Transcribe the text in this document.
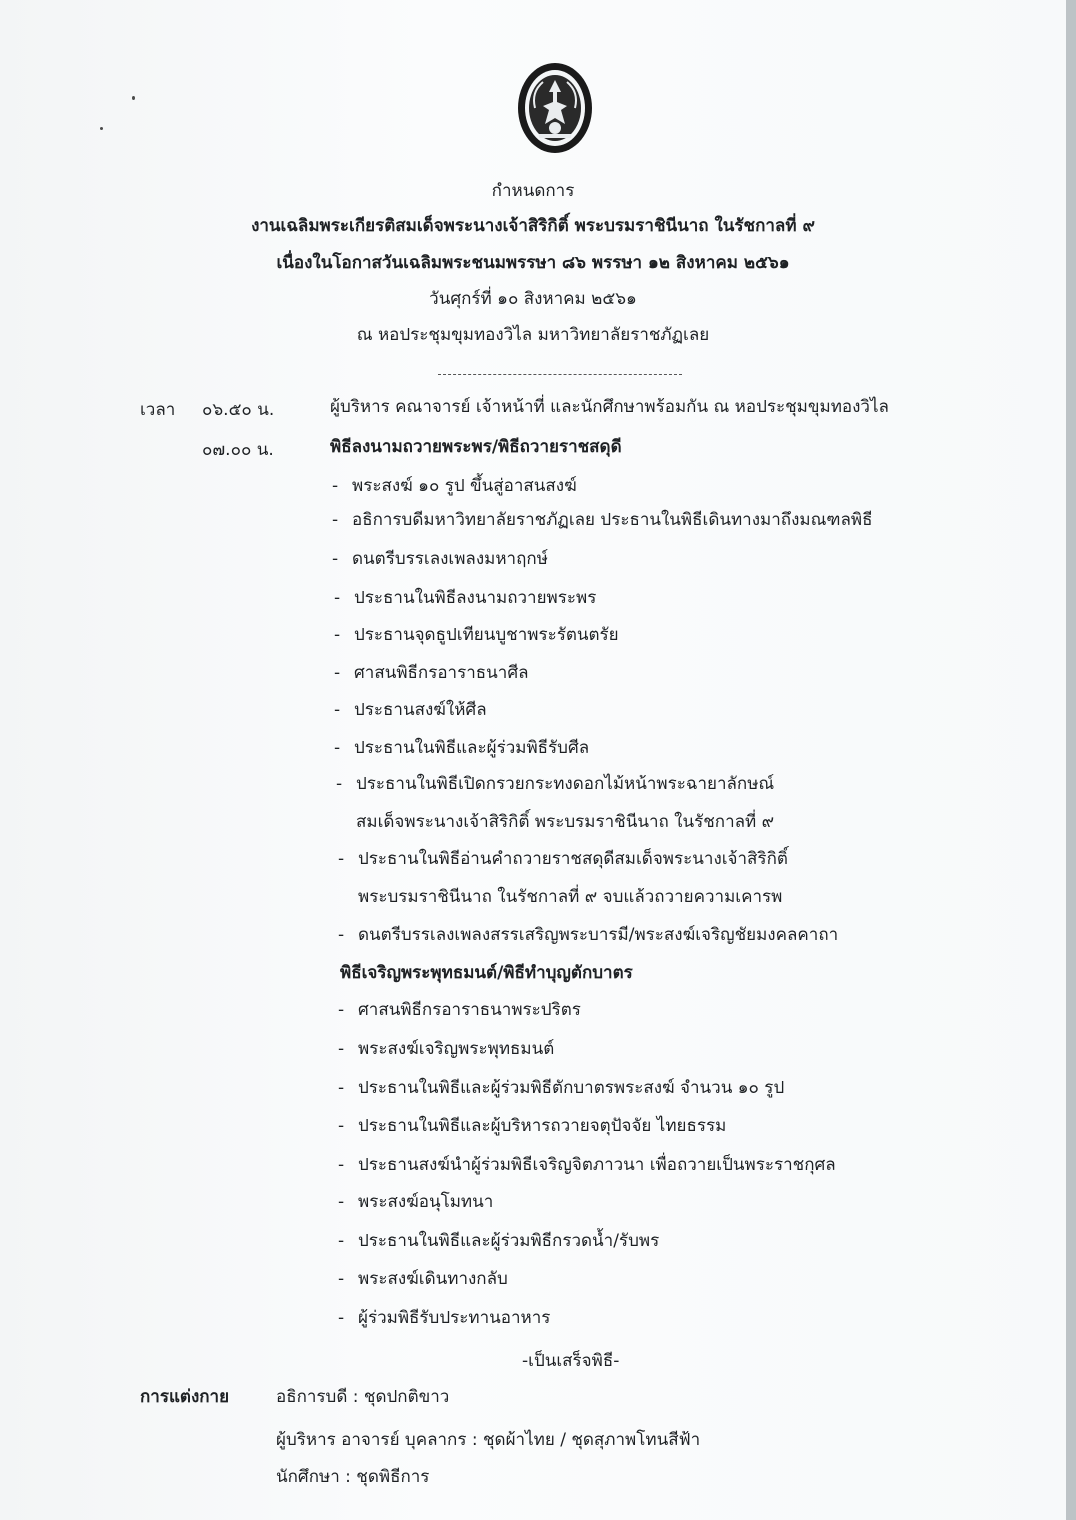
กำหนดการ
งานเฉลิมพระเกียรติสมเด็จพระนางเจ้าสิริกิติ์ พระบรมราชินีนาถ ในรัชกาลที่ ๙
เนื่องในโอกาสวันเฉลิมพระชนมพรรษา ๘๖ พรรษา ๑๒ สิงหาคม ๒๕๖๑
วันศุกร์ที่ ๑๐ สิงหาคม ๒๕๖๑
ณ หอประชุมขุมทองวิไล มหาวิทยาลัยราชภัฏเลย
เวลา ๐๖.๕๐ น.	ผู้บริหาร คณาจารย์ เจ้าหน้าที่ และนักศึกษาพร้อมกัน ณ หอประชุมขุมทองวิไล
๐๗.๐๐ น.	พิธีลงนามถวายพระพร/พิธีถวายราชสดุดี
- พระสงฆ์ ๑๐ รูป ขึ้นสู่อาสนสงฆ์
- อธิการบดีมหาวิทยาลัยราชภัฏเลย ประธานในพิธีเดินทางมาถึงมณฑลพิธี
- ดนตรีบรรเลงเพลงมหาฤกษ์
- ประธานในพิธีลงนามถวายพระพร
- ประธานจุดธูปเทียนบูชาพระรัตนตรัย
- ศาสนพิธีกรอาราธนาศีล
- ประธานสงฆ์ให้ศีล
- ประธานในพิธีและผู้ร่วมพิธีรับศีล
- ประธานในพิธีเปิดกรวยกระทงดอกไม้หน้าพระฉายาลักษณ์
สมเด็จพระนางเจ้าสิริกิติ์ พระบรมราชินีนาถ ในรัชกาลที่ ๙
- ประธานในพิธีอ่านคำถวายราชสดุดีสมเด็จพระนางเจ้าสิริกิติ์
พระบรมราชินีนาถ ในรัชกาลที่ ๙ จบแล้วถวายความเคารพ
- ดนตรีบรรเลงเพลงสรรเสริญพระบารมี/พระสงฆ์เจริญชัยมงคลคาถา
พิธีเจริญพระพุทธมนต์/พิธีทำบุญตักบาตร
- ศาสนพิธีกรอาราธนาพระปริตร
- พระสงฆ์เจริญพระพุทธมนต์
- ประธานในพิธีและผู้ร่วมพิธีตักบาตรพระสงฆ์ จำนวน ๑๐ รูป
- ประธานในพิธีและผู้บริหารถวายจตุปัจจัย ไทยธรรม
- ประธานสงฆ์นำผู้ร่วมพิธีเจริญจิตภาวนา เพื่อถวายเป็นพระราชกุศล
- พระสงฆ์อนุโมทนา
- ประธานในพิธีและผู้ร่วมพิธีกรวดน้ำ/รับพร
- พระสงฆ์เดินทางกลับ
- ผู้ร่วมพิธีรับประทานอาหาร
-เป็นเสร็จพิธี-
การแต่งกาย	อธิการบดี : ชุดปกติขาว
ผู้บริหาร อาจารย์ บุคลากร : ชุดผ้าไทย / ชุดสุภาพโทนสีฟ้า
นักศึกษา : ชุดพิธีการ
